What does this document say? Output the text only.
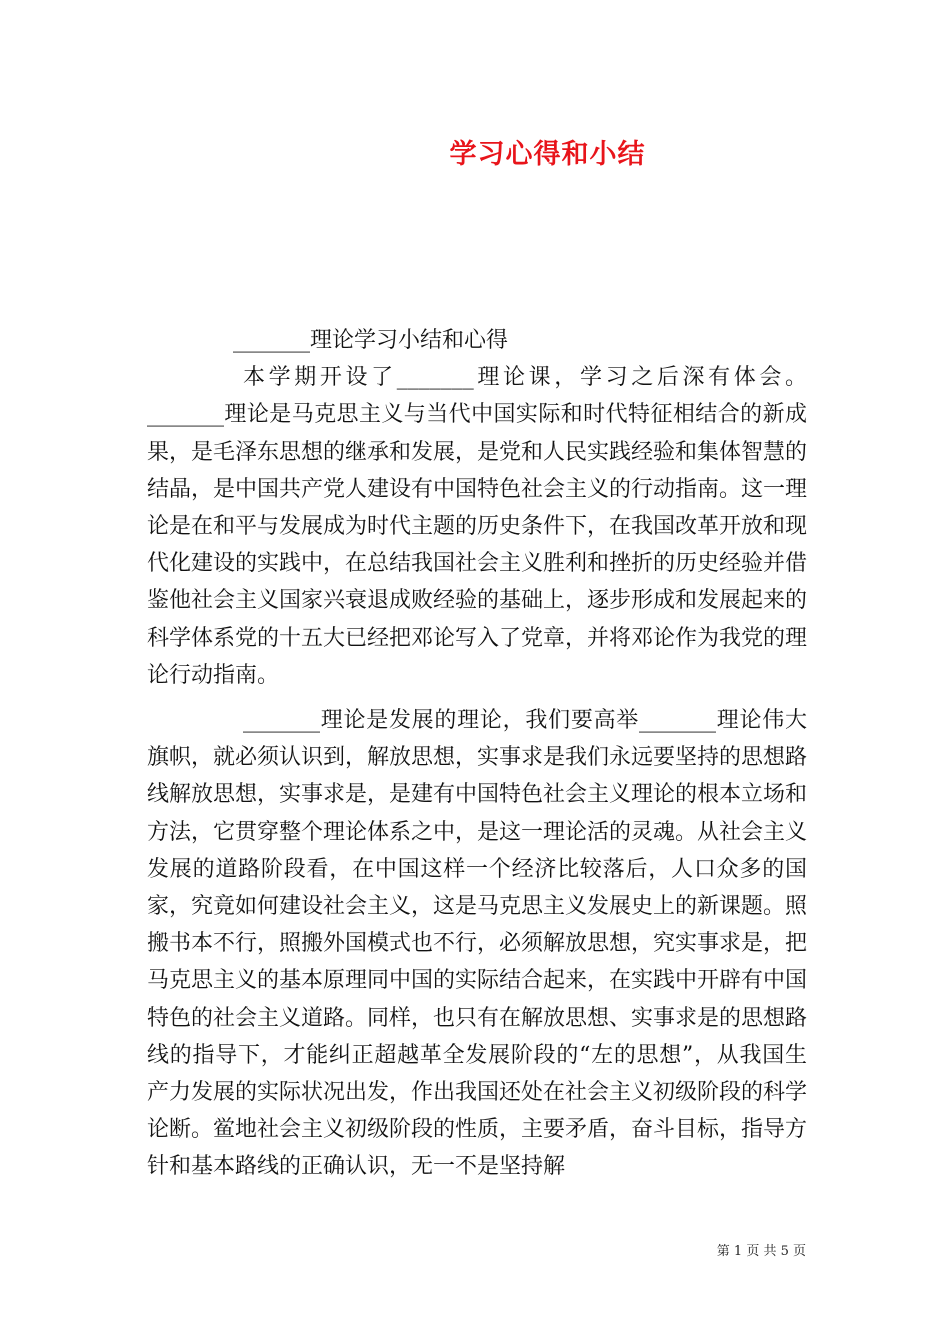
学习心得和小结

_______理论学习小结和心得

本学期开设了_______理论课，学习之后深有体会。_______理论是马克思主义与当代中国实际和时代特征相结合的新成果，是毛泽东思想的继承和发展，是党和人民实践经验和集体智慧的结晶，是中国共产党人建设有中国特色社会主义的行动指南。这一理论是在和平与发展成为时代主题的历史条件下，在我国改革开放和现代化建设的实践中，在总结我国社会主义胜利和挫折的历史经验并借鉴他社会主义国家兴衰退成败经验的基础上，逐步形成和发展起来的科学体系党的十五大已经把邓论写入了党章，并将邓论作为我党的理论行动指南。

_______理论是发展的理论，我们要高举_______理论伟大旗帜，就必须认识到，解放思想，实事求是我们永远要坚持的思想路线解放思想，实事求是，是建有中国特色社会主义理论的根本立场和方法，它贯穿整个理论体系之中，是这一理论活的灵魂。从社会主义发展的道路阶段看，在中国这样一个经济比较落后，人口众多的国家，究竟如何建设社会主义，这是马克思主义发展史上的新课题。照搬书本不行，照搬外国模式也不行，必须解放思想，究实事求是，把马克思主义的基本原理同中国的实际结合起来，在实践中开辟有中国特色的社会主义道路。同样，也只有在解放思想、实事求是的思想路线的指导下，才能纠正超越革全发展阶段的“左的思想”，从我国生产力发展的实际状况出发，作出我国还处在社会主义初级阶段的科学论断。鲎地社会主义初级阶段的性质，主要矛盾，奋斗目标，指导方针和基本路线的正确认识，无一不是坚持解

第 1 页 共 5 页
